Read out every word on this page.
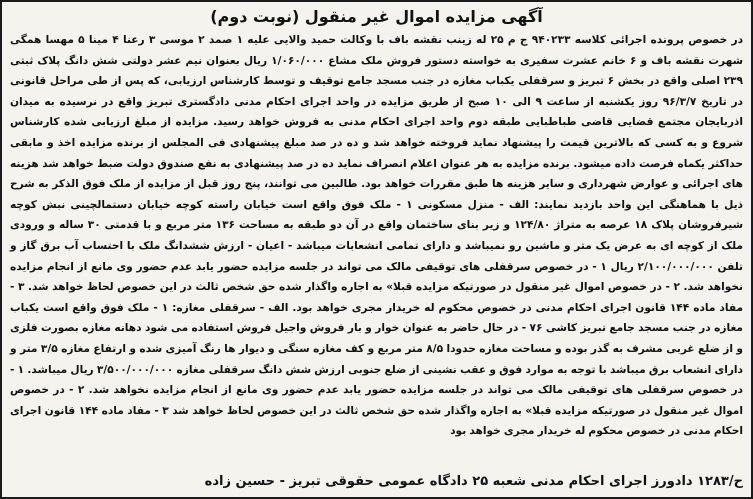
آگهی مزایده اموال غیر منقول (نوبت دوم)

در خصوص پرونده اجرائی کلاسه ۹۴۰۲۳۳ ج م ۲۵ له زینب نقشه باف با وکالت حمید والایی علیه ۱ صمد ۲ موسی ۳ رعنا ۴ مینا ۵ مهسا همگی شهرت نقشه باف و ۶ خانم عشرت سفیری به خواسته دستور فروش ملک مشاع ۱/۰۶۰/۰۰۰ ریال بعنوان نیم عشر دولتی شش دانگ پلاک ثبتی ۲۳۹ اصلی واقع در بخش ۶ تبریز و سرقفلی یکباب مغازه در جنب مسجد جامع توقیف و توسط کارشناس ارزیابی، که پس از طی مراحل قانونی در تاریخ ۹۶/۳/۷ روز یکشنبه از ساعت ۹ الی ۱۰ صبح از طریق مزایده در واحد اجرای احکام مدنی دادگستری تبریز واقع در نرسیده به میدان اذربایجان مجتمع قضایی قاضی طباطبایی طبقه دوم واحد اجرای احکام مدنی به فروش خواهد رسید. مزایده از مبلغ ارزیابی شده کارشناس شروع و به کسی که بالاترین قیمت را پیشنهاد نماید فروخته خواهد شد و ده در صد مبلغ پیشنهادی فی المجلس از برنده مزایده اخذ و مابقی حداکثر یکماه فرصت داده میشود. برنده مزایده به هر عنوان اعلام انصراف نماید ده در صد پیشنهادی به نفع صندوق دولت ضبط خواهد شد هزینه های اجرائی و عوارض شهرداری و سایر هزینه ها طبق مقررات خواهد بود. طالبین می توانند، پنج روز قبل از مزایده از ملک فوق الذکر به شرح ذیل با هماهنگی این واحد بازدید نمایند: الف - منزل مسکونی ۱ - ملک فوق واقع است خیابان راسته کوچه خیابان دستمالچینی نبش کوچه شیرفروشان پلاک ۱۸ عرصه به متراژ ۱۲۴/۸۰ و زیر بنای ساختمان واقع در آن دو طبقه به مساحت ۱۳۶ متر مربع و با قدمتی ۳۰ ساله و ورودی ملک از کوچه ای به عرض یک متر و ماشین رو نمیباشد و دارای تمامی انشعابات میباشد - اعیان - ارزش ششدانگ ملک با احتساب آب برق گاز و تلفن ۲/۱۰۰/۰۰۰/۰۰۰ ریال ۱ - در خصوص سرقفلی های توقیفی مالک می تواند در جلسه مزایده حضور یابد عدم حضور وی مانع از انجام مزایده نخواهد شد. ۲ - در خصوص اموال غیر منقول در صورتیکه مزایده قبلا» به اجاره واگذار شده حق شخص ثالث در این خصوص لحاظ خواهد شد. ۳ - مفاد ماده ۱۴۴ قانون اجرای احکام مدنی در خصوص محکوم له خریدار مجری خواهد بود. الف - سرقفلی مغازه: ۱ - ملک فوق واقع است یکباب مغازه در جنب مسجد جامع تبریز کاشی ۷۶ - در حال حاضر به عنوان خوار و بار فروش واجیل فروش استفاده می شود دهانه مغازه بصورت فلزی و از ضلع غربی مشرف به گذر بوده و مساحت مغازه حدودا ۸/۵ متر مربع و کف مغازه سنگی و دیوار ها رنگ آمیزی شده و ارتفاع مغازه ۳/۵ متر و دارای انشعاب برق میباشد با توجه به موارد فوق و عقب نشینی از ضلع جنوبی ارزش شش دانگ سرقفلی مغازه ۳/۵۰۰/۰۰۰/۰۰۰ ریال میباشد. ۱ - در خصوص سرقفلی های توقیفی مالک می تواند در جلسه مزایده حضور یابد عدم حضور وی مانع از انجام مزایده نخواهد شد. ۲ - در خصوص اموال غیر منقول در صورتیکه مزایده قبلا» به اجاره واگذار شده حق شخص ثالث در این خصوص لحاظ خواهد شد ۳ - مفاد ماده ۱۴۴ قانون اجرای احکام مدنی در خصوص محکوم له خریدار مجری خواهد بود

ح/۱۲۸۳ دادورز اجرای احکام مدنی شعبه ۲۵ دادگاه عمومی حقوقی تبریز - حسین زاده
